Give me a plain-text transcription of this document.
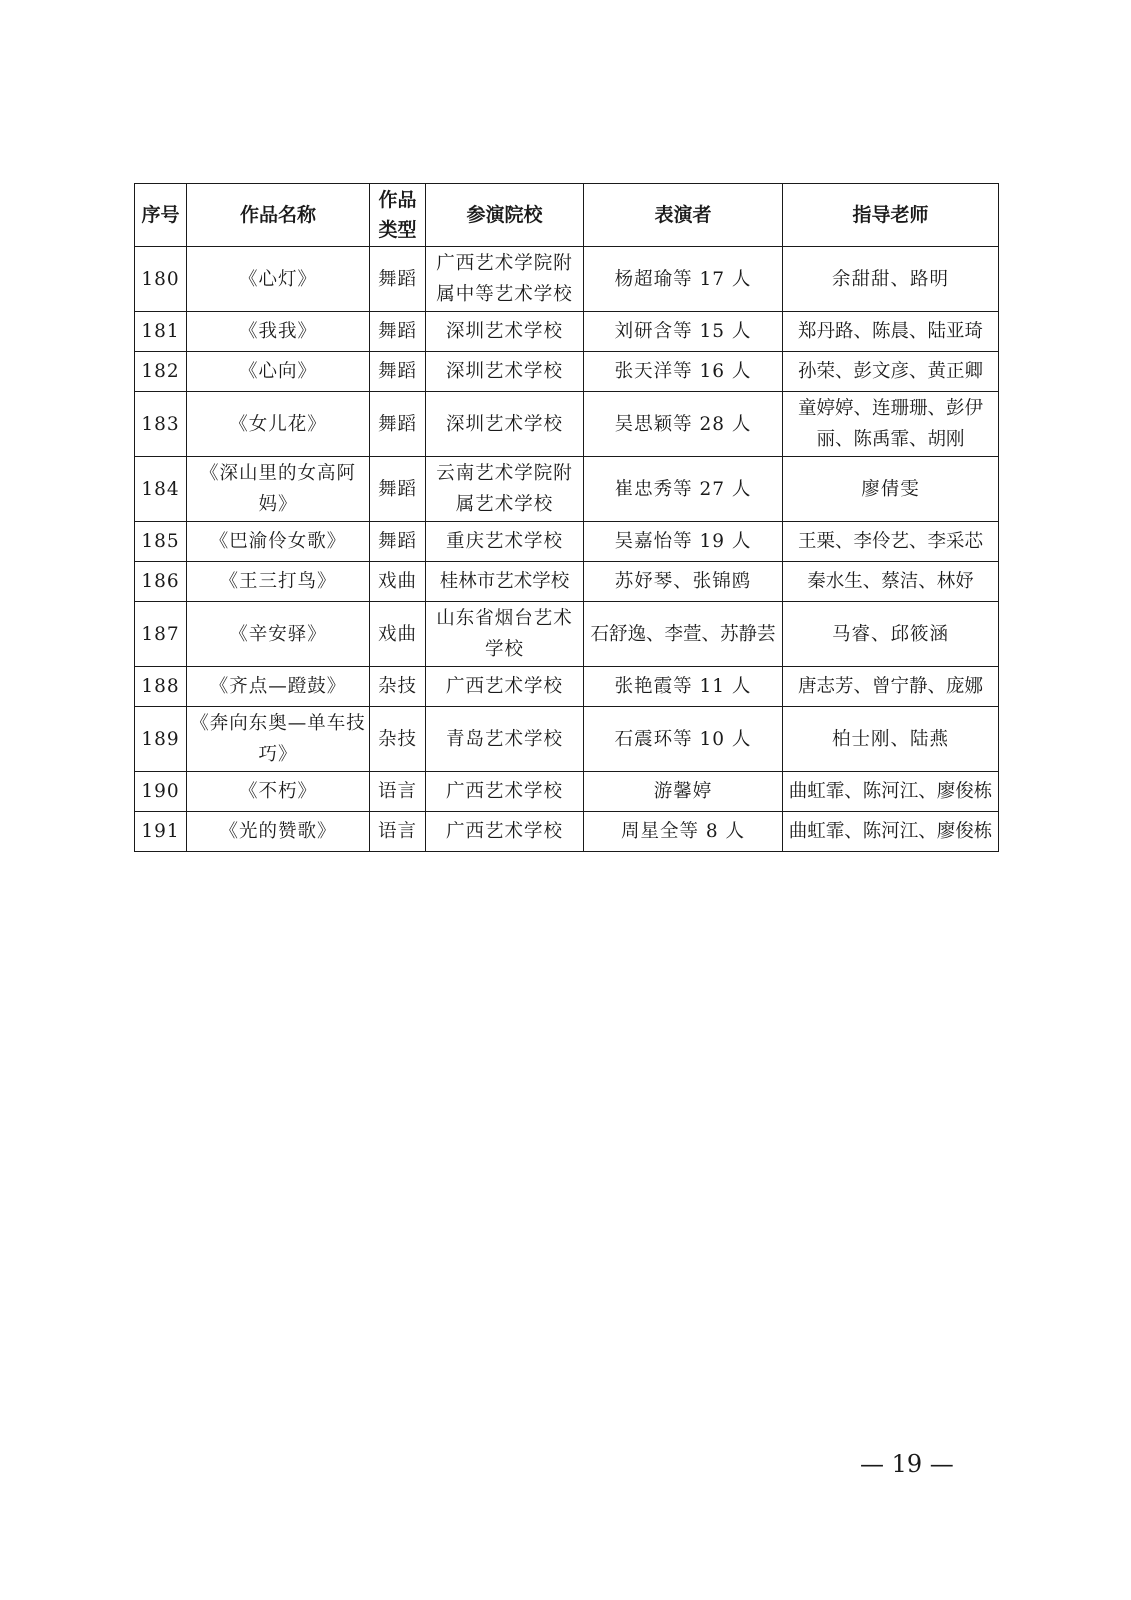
序号	作品名称	作品类型	参演院校	表演者	指导老师
180	《心灯》	舞蹈	广西艺术学院附属中等艺术学校	杨超瑜等 17 人	余甜甜、路明
181	《我我》	舞蹈	深圳艺术学校	刘研含等 15 人	郑丹路、陈晨、陆亚琦
182	《心向》	舞蹈	深圳艺术学校	张天洋等 16 人	孙荣、彭文彦、黄正卿
183	《女儿花》	舞蹈	深圳艺术学校	吴思颖等 28 人	童婷婷、连珊珊、彭伊丽、陈禹霏、胡刚
184	《深山里的女高阿妈》	舞蹈	云南艺术学院附属艺术学校	崔忠秀等 27 人	廖倩雯
185	《巴渝伶女歌》	舞蹈	重庆艺术学校	吴嘉怡等 19 人	王栗、李伶艺、李采芯
186	《王三打鸟》	戏曲	桂林市艺术学校	苏妤琴、张锦鸥	秦水生、蔡洁、林妤
187	《辛安驿》	戏曲	山东省烟台艺术学校	石舒逸、李萱、苏静芸	马睿、邱筱涵
188	《齐点—蹬鼓》	杂技	广西艺术学校	张艳霞等 11 人	唐志芳、曾宁静、庞娜
189	《奔向东奥—单车技巧》	杂技	青岛艺术学校	石震环等 10 人	柏士刚、陆燕
190	《不朽》	语言	广西艺术学校	游馨婷	曲虹霏、陈河江、廖俊栋
191	《光的赞歌》	语言	广西艺术学校	周星全等 8 人	曲虹霏、陈河江、廖俊栋
— 19 —
